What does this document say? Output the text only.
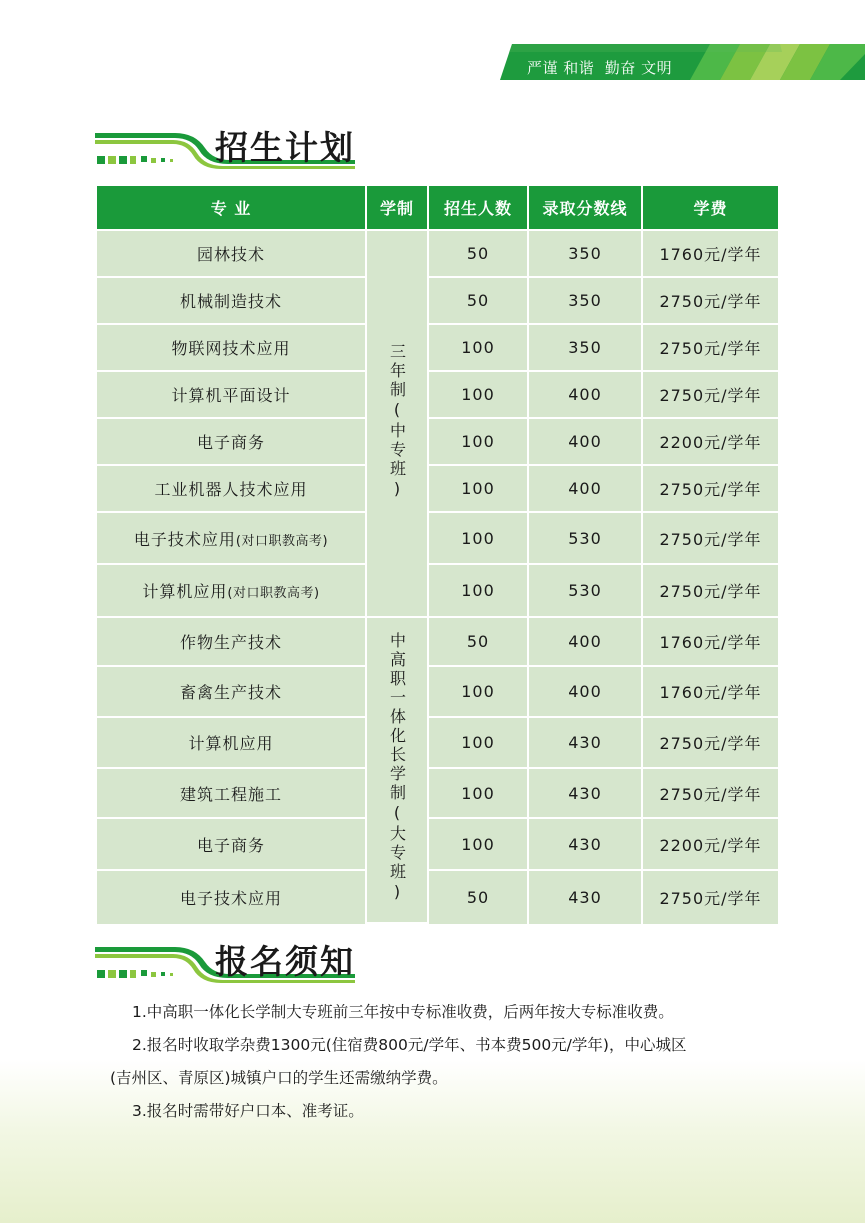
严谨 和谐  勤奋 文明
招生计划
专 业	学制	招生人数	录取分数线	学费
园林技术	三年制(中专班)	50	350	1760元/学年
机械制造技术		50	350	2750元/学年
物联网技术应用		100	350	2750元/学年
计算机平面设计		100	400	2750元/学年
电子商务		100	400	2200元/学年
工业机器人技术应用		100	400	2750元/学年
电子技术应用(对口职教高考)		100	530	2750元/学年
计算机应用(对口职教高考)		100	530	2750元/学年
作物生产技术	中高职一体化长学制(大专班)	50	400	1760元/学年
畜禽生产技术		100	400	1760元/学年
计算机应用		100	430	2750元/学年
建筑工程施工		100	430	2750元/学年
电子商务		100	430	2200元/学年
电子技术应用		50	430	2750元/学年
报名须知

1.中高职一体化长学制大专班前三年按中专标准收费，后两年按大专标准收费。

2.报名时收取学杂费1300元(住宿费800元/学年、书本费500元/学年)，中心城区

(吉州区、青原区)城镇户口的学生还需缴纳学费。

3.报名时需带好户口本、准考证。
